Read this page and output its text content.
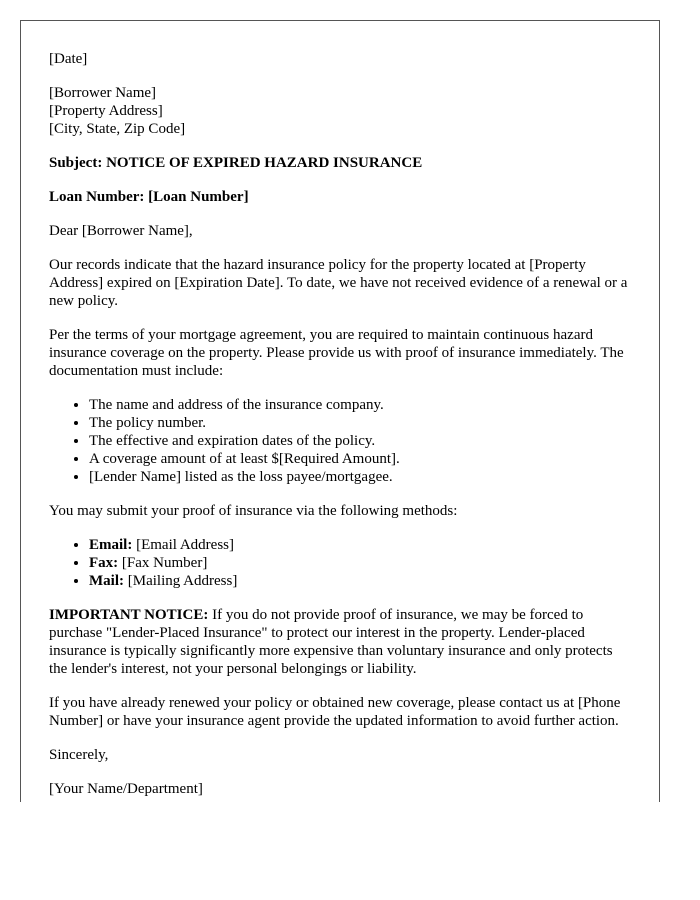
[Date]

[Borrower Name]
[Property Address]
[City, State, Zip Code]

Subject: NOTICE OF EXPIRED HAZARD INSURANCE

Loan Number: [Loan Number]

Dear [Borrower Name],

Our records indicate that the hazard insurance policy for the property located at [Property Address] expired on [Expiration Date]. To date, we have not received evidence of a renewal or a new policy.

Per the terms of your mortgage agreement, you are required to maintain continuous hazard insurance coverage on the property. Please provide us with proof of insurance immediately. The documentation must include:

• The name and address of the insurance company.
• The policy number.
• The effective and expiration dates of the policy.
• A coverage amount of at least $[Required Amount].
• [Lender Name] listed as the loss payee/mortgagee.

You may submit your proof of insurance via the following methods:

• Email: [Email Address]
• Fax: [Fax Number]
• Mail: [Mailing Address]

IMPORTANT NOTICE: If you do not provide proof of insurance, we may be forced to purchase "Lender-Placed Insurance" to protect our interest in the property. Lender-placed insurance is typically significantly more expensive than voluntary insurance and only protects the lender's interest, not your personal belongings or liability.

If you have already renewed your policy or obtained new coverage, please contact us at [Phone Number] or have your insurance agent provide the updated information to avoid further action.

Sincerely,

[Your Name/Department]
